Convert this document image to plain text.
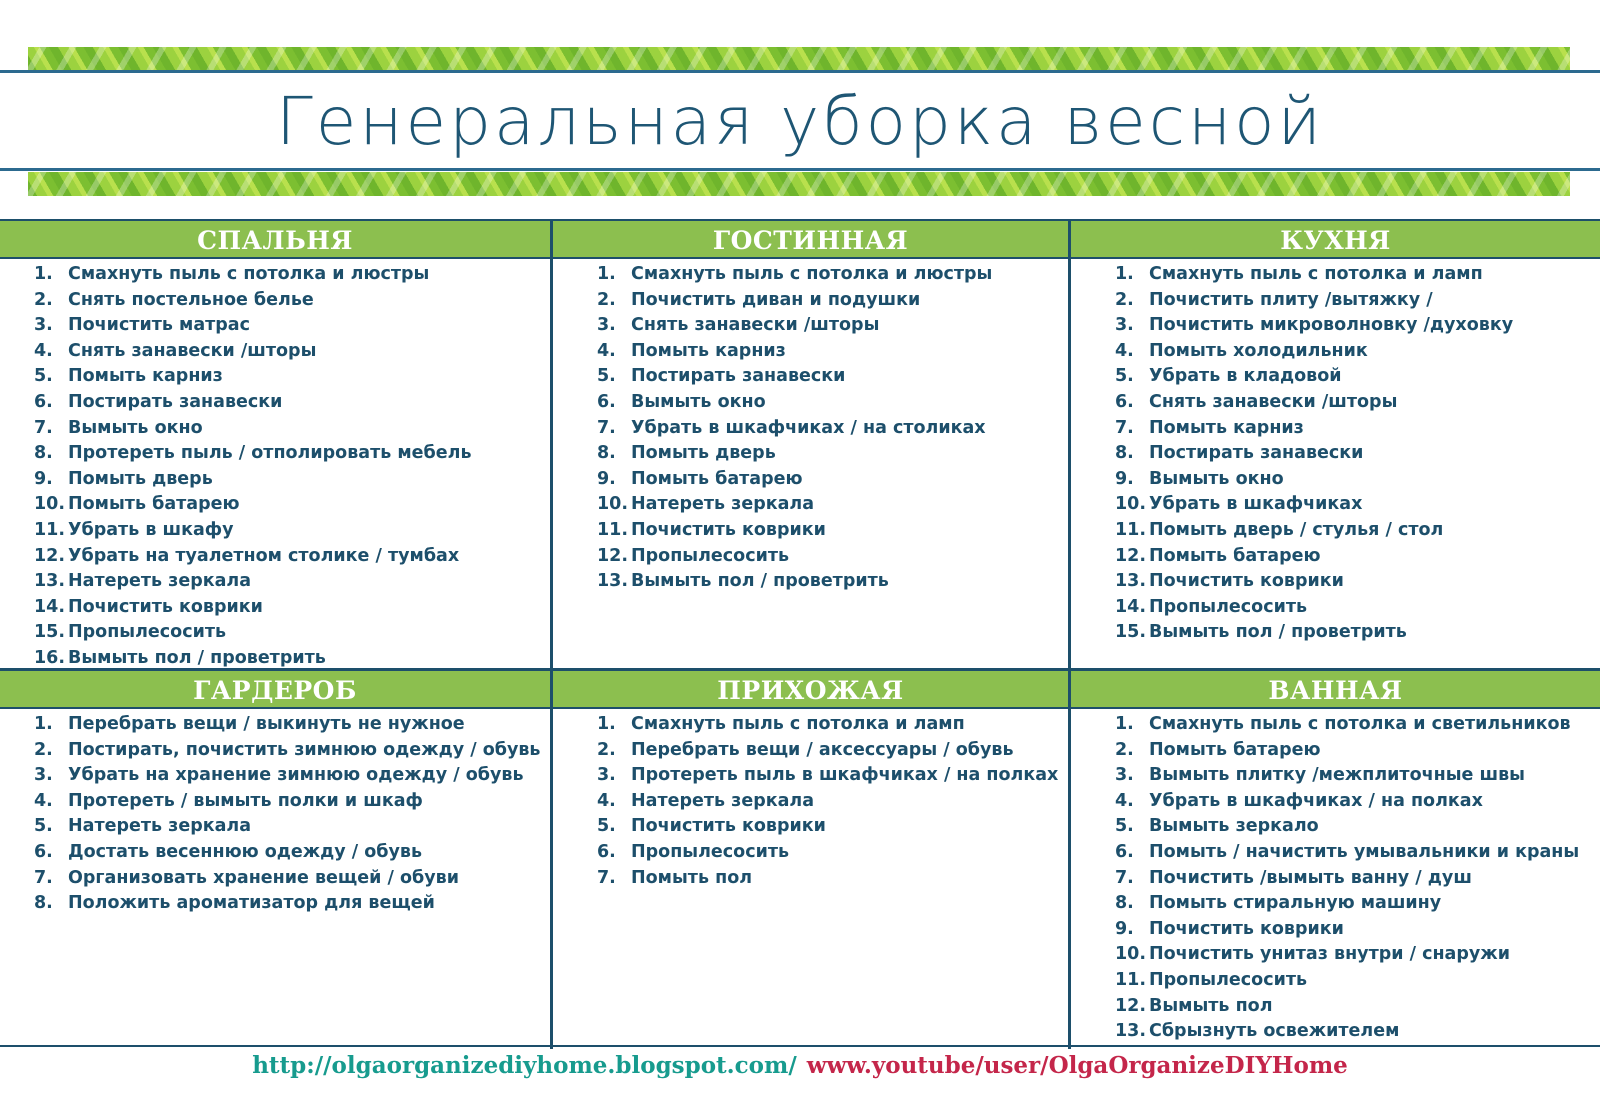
Генеральная уборка весной
СПАЛЬНЯ
1. Смахнуть пыль с потолка и люстры
2. Снять постельное белье
3. Почистить матрас
4. Снять занавески /шторы
5. Помыть карниз
6. Постирать занавески
7. Вымыть окно
8. Протереть пыль / отполировать мебель
9. Помыть дверь
10. Помыть батарею
11. Убрать в шкафу
12. Убрать на туалетном столике / тумбах
13. Натереть зеркала
14. Почистить коврики
15. Пропылесосить
16. Вымыть пол / проветрить
ГОСТИННАЯ
1. Смахнуть пыль с потолка и люстры
2. Почистить диван и подушки
3. Снять занавески /шторы
4. Помыть карниз
5. Постирать занавески
6. Вымыть окно
7. Убрать в шкафчиках / на столиках
8. Помыть дверь
9. Помыть батарею
10. Натереть зеркала
11. Почистить коврики
12. Пропылесосить
13. Вымыть пол / проветрить
КУХНЯ
1. Смахнуть пыль с потолка и ламп
2. Почистить плиту /вытяжку /
3. Почистить микроволновку /духовку
4. Помыть холодильник
5. Убрать в кладовой
6. Снять занавески /шторы
7. Помыть карниз
8. Постирать занавески
9. Вымыть окно
10. Убрать в шкафчиках
11. Помыть дверь / стулья / стол
12. Помыть батарею
13. Почистить коврики
14. Пропылесосить
15. Вымыть пол / проветрить
ГАРДЕРОБ
1. Перебрать вещи / выкинуть не нужное
2. Постирать, почистить зимнюю одежду / обувь
3. Убрать на хранение зимнюю одежду / обувь
4. Протереть / вымыть полки и шкаф
5. Натереть зеркала
6. Достать весеннюю одежду / обувь
7. Организовать хранение вещей / обуви
8. Положить ароматизатор для вещей
ПРИХОЖАЯ
1. Смахнуть пыль с потолка и ламп
2. Перебрать вещи / аксессуары / обувь
3. Протереть пыль в шкафчиках / на полках
4. Натереть зеркала
5. Почистить коврики
6. Пропылесосить
7. Помыть пол
ВАННАЯ
1. Смахнуть пыль с потолка и светильников
2. Помыть батарею
3. Вымыть плитку /межплиточные швы
4. Убрать в шкафчиках / на полках
5. Вымыть зеркало
6. Помыть / начистить умывальники и краны
7. Почистить /вымыть ванну / душ
8. Помыть стиральную машину
9. Почистить коврики
10. Почистить унитаз внутри / снаружи
11. Пропылесосить
12. Вымыть пол
13. Сбрызнуть освежителем
http://olgaorganizediyhome.blogspot.com/ www.youtube/user/OlgaOrganizeDIYHome
